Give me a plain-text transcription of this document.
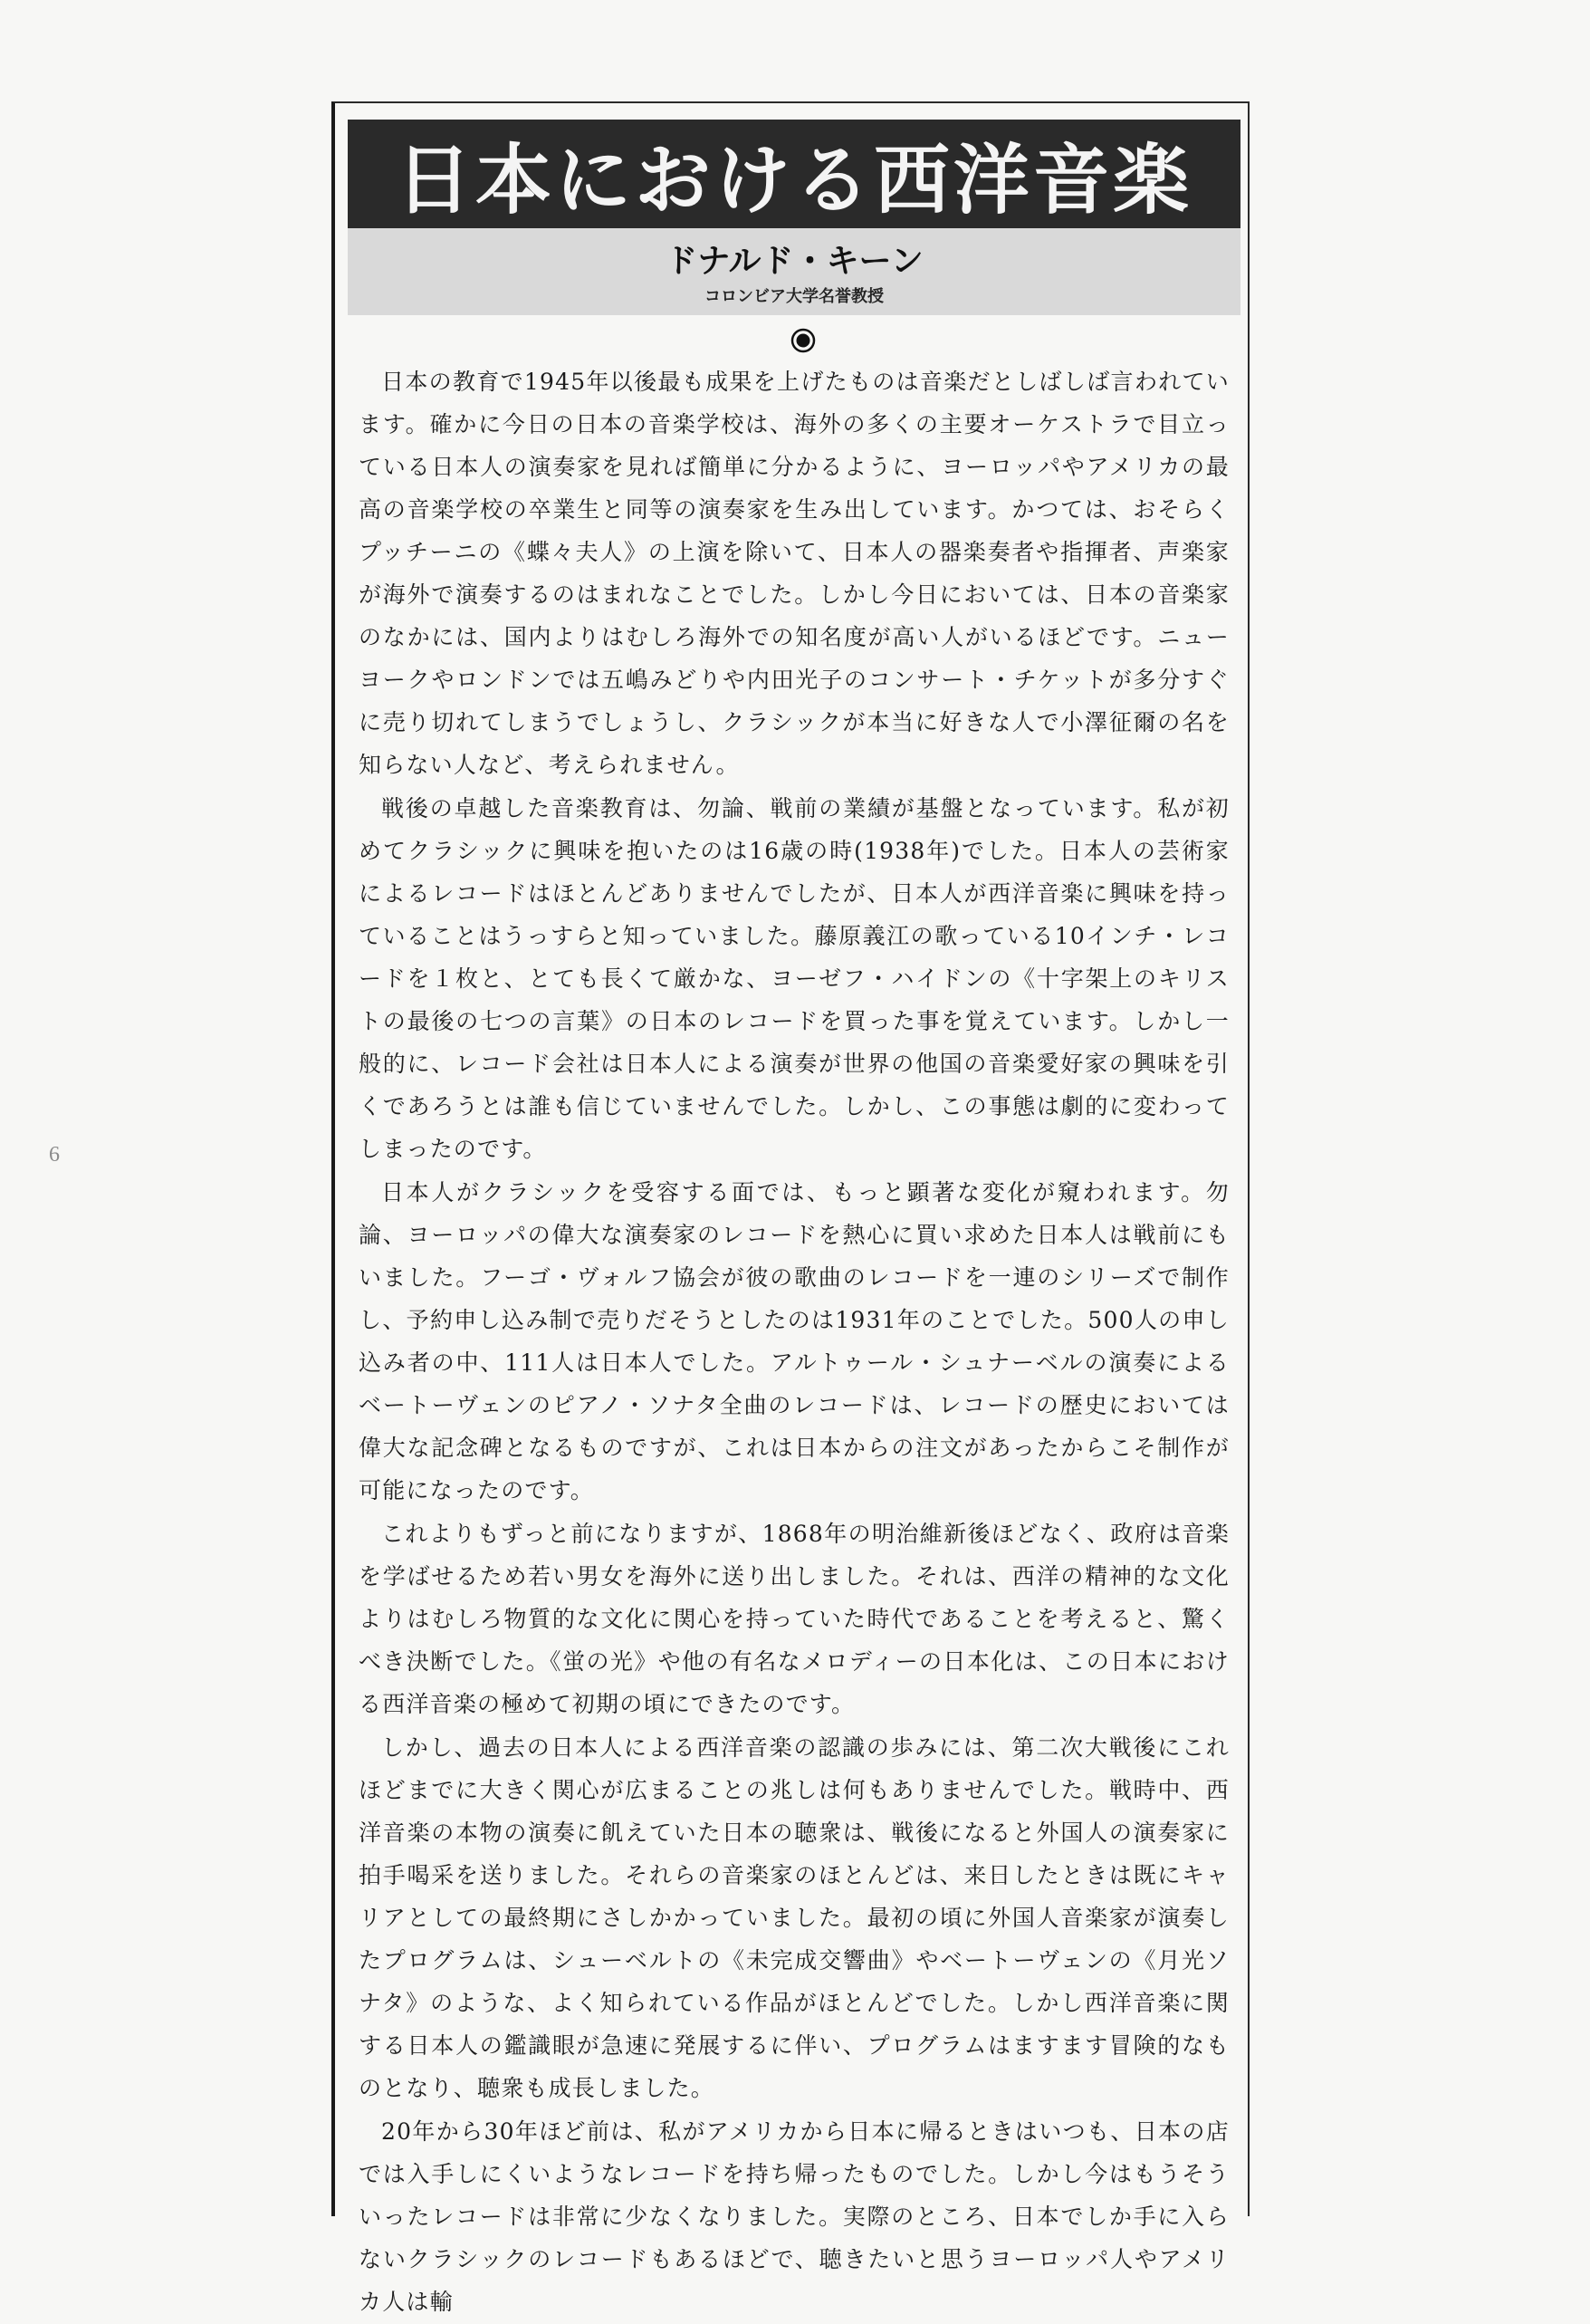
6
日本における西洋音楽
ドナルド・キーン
コロンビア大学名誉教授

日本の教育で1945年以後最も成果を上げたものは音楽だとしばしば言われています。確かに今日の日本の音楽学校は、海外の多くの主要オーケストラで目立っている日本人の演奏家を見れば簡単に分かるように、ヨーロッパやアメリカの最高の音楽学校の卒業生と同等の演奏家を生み出しています。かつては、おそらくプッチーニの《蝶々夫人》の上演を除いて、日本人の器楽奏者や指揮者、声楽家が海外で演奏するのはまれなことでした。しかし今日においては、日本の音楽家のなかには、国内よりはむしろ海外での知名度が高い人がいるほどです。ニューヨークやロンドンでは五嶋みどりや内田光子のコンサート・チケットが多分すぐに売り切れてしまうでしょうし、クラシックが本当に好きな人で小澤征爾の名を知らない人など、考えられません。

戦後の卓越した音楽教育は、勿論、戦前の業績が基盤となっています。私が初めてクラシックに興味を抱いたのは16歳の時(1938年)でした。日本人の芸術家によるレコードはほとんどありませんでしたが、日本人が西洋音楽に興味を持っていることはうっすらと知っていました。藤原義江の歌っている10インチ・レコードを１枚と、とても長くて厳かな、ヨーゼフ・ハイドンの《十字架上のキリストの最後の七つの言葉》の日本のレコードを買った事を覚えています。しかし一般的に、レコード会社は日本人による演奏が世界の他国の音楽愛好家の興味を引くであろうとは誰も信じていませんでした。しかし、この事態は劇的に変わってしまったのです。

日本人がクラシックを受容する面では、もっと顕著な変化が窺われます。勿論、ヨーロッパの偉大な演奏家のレコードを熱心に買い求めた日本人は戦前にもいました。フーゴ・ヴォルフ協会が彼の歌曲のレコードを一連のシリーズで制作し、予約申し込み制で売りだそうとしたのは1931年のことでした。500人の申し込み者の中、111人は日本人でした。アルトゥール・シュナーベルの演奏によるベートーヴェンのピアノ・ソナタ全曲のレコードは、レコードの歴史においては偉大な記念碑となるものですが、これは日本からの注文があったからこそ制作が可能になったのです。

これよりもずっと前になりますが、1868年の明治維新後ほどなく、政府は音楽を学ばせるため若い男女を海外に送り出しました。それは、西洋の精神的な文化よりはむしろ物質的な文化に関心を持っていた時代であることを考えると、驚くべき決断でした。《蛍の光》や他の有名なメロディーの日本化は、この日本における西洋音楽の極めて初期の頃にできたのです。

しかし、過去の日本人による西洋音楽の認識の歩みには、第二次大戦後にこれほどまでに大きく関心が広まることの兆しは何もありませんでした。戦時中、西洋音楽の本物の演奏に飢えていた日本の聴衆は、戦後になると外国人の演奏家に拍手喝采を送りました。それらの音楽家のほとんどは、来日したときは既にキャリアとしての最終期にさしかかっていました。最初の頃に外国人音楽家が演奏したプログラムは、シューベルトの《未完成交響曲》やベートーヴェンの《月光ソナタ》のような、よく知られている作品がほとんどでした。しかし西洋音楽に関する日本人の鑑識眼が急速に発展するに伴い、プログラムはますます冒険的なものとなり、聴衆も成長しました。

20年から30年ほど前は、私がアメリカから日本に帰るときはいつも、日本の店では入手しにくいようなレコードを持ち帰ったものでした。しかし今はもうそういったレコードは非常に少なくなりました。実際のところ、日本でしか手に入らないクラシックのレコードもあるほどで、聴きたいと思うヨーロッパ人やアメリカ人は輸
